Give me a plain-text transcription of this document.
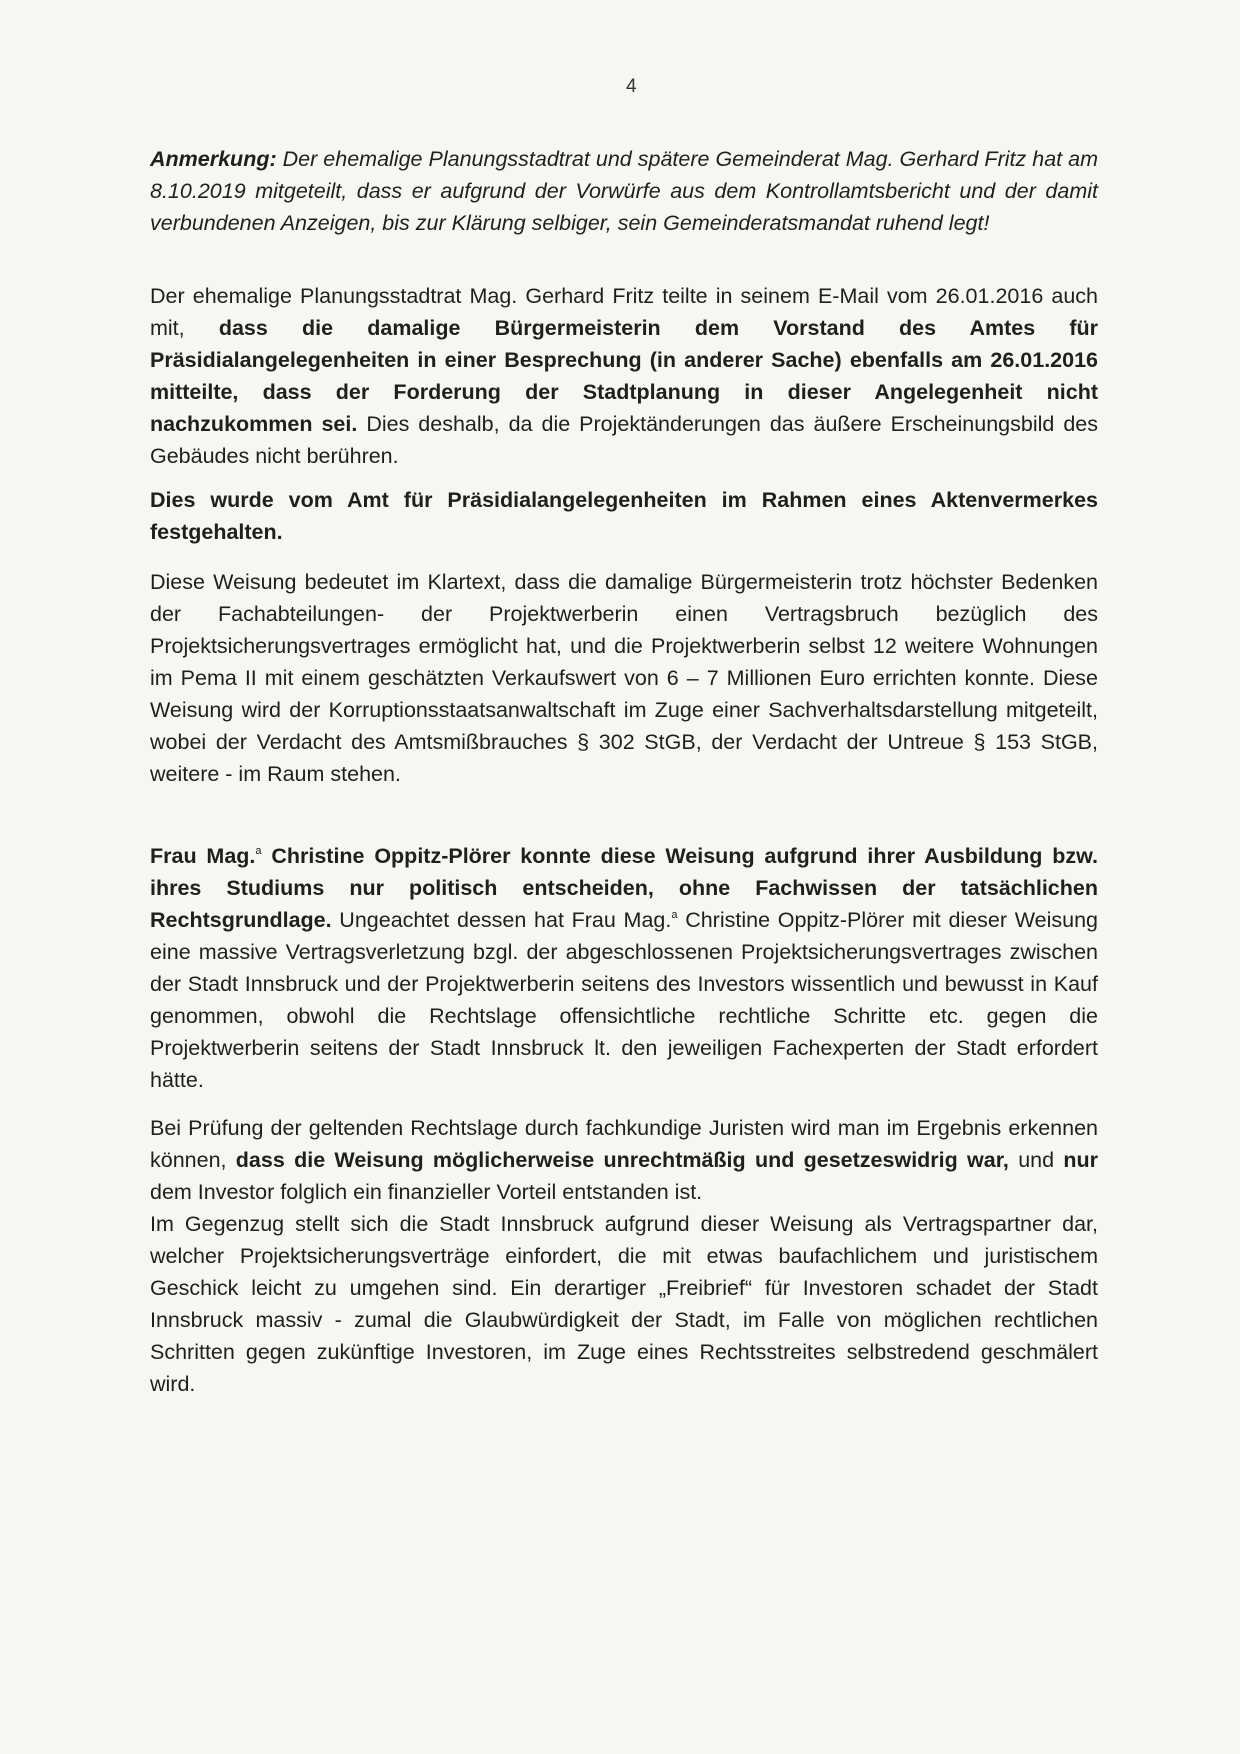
4
Anmerkung: Der ehemalige Planungsstadtrat und spätere Gemeinderat Mag. Gerhard Fritz hat am 8.10.2019 mitgeteilt, dass er aufgrund der Vorwürfe aus dem Kontrollamtsbericht und der damit verbundenen Anzeigen, bis zur Klärung selbiger, sein Gemeinderatsmandat ruhend legt!
Der ehemalige Planungsstadtrat Mag. Gerhard Fritz teilte in seinem E-Mail vom 26.01.2016 auch mit, dass die damalige Bürgermeisterin dem Vorstand des Amtes für Präsidialangelegenheiten in einer Besprechung (in anderer Sache) ebenfalls am 26.01.2016 mitteilte, dass der Forderung der Stadtplanung in dieser Angelegenheit nicht nachzukommen sei. Dies deshalb, da die Projektänderungen das äußere Erscheinungsbild des Gebäudes nicht berühren.
Dies wurde vom Amt für Präsidialangelegenheiten im Rahmen eines Aktenvermerkes festgehalten.
Diese Weisung bedeutet im Klartext, dass die damalige Bürgermeisterin trotz höchster Bedenken der Fachabteilungen- der Projektwerberin einen Vertragsbruch bezüglich des Projektsicherungsvertrages ermöglicht hat, und die Projektwerberin selbst 12 weitere Wohnungen im Pema II mit einem geschätzten Verkaufswert von 6 – 7 Millionen Euro errichten konnte. Diese Weisung wird der Korruptionsstaatsanwaltschaft im Zuge einer Sachverhaltsdarstellung mitgeteilt, wobei der Verdacht des Amtsmißbrauches § 302 StGB, der Verdacht der Untreue § 153 StGB, weitere - im Raum stehen.
Frau Mag.$^a$ Christine Oppitz-Plörer konnte diese Weisung aufgrund ihrer Ausbildung bzw. ihres Studiums nur politisch entscheiden, ohne Fachwissen der tatsächlichen Rechtsgrundlage. Ungeachtet dessen hat Frau Mag.$^a$ Christine Oppitz-Plörer mit dieser Weisung eine massive Vertragsverletzung bzgl. der abgeschlossenen Projektsicherungsvertrages zwischen der Stadt Innsbruck und der Projektwerberin seitens des Investors wissentlich und bewusst in Kauf genommen, obwohl die Rechtslage offensichtliche rechtliche Schritte etc. gegen die Projektwerberin seitens der Stadt Innsbruck lt. den jeweiligen Fachexperten der Stadt erfordert hätte.
Bei Prüfung der geltenden Rechtslage durch fachkundige Juristen wird man im Ergebnis erkennen können, dass die Weisung möglicherweise unrechtmäßig und gesetzeswidrig war, und nur dem Investor folglich ein finanzieller Vorteil entstanden ist.
Im Gegenzug stellt sich die Stadt Innsbruck aufgrund dieser Weisung als Vertragspartner dar, welcher Projektsicherungsverträge einfordert, die mit etwas baufachlichem und juristischem Geschick leicht zu umgehen sind. Ein derartiger „Freibrief“ für Investoren schadet der Stadt Innsbruck massiv - zumal die Glaubwürdigkeit der Stadt, im Falle von möglichen rechtlichen Schritten gegen zukünftige Investoren, im Zuge eines Rechtsstreites selbstredend geschmälert wird.
